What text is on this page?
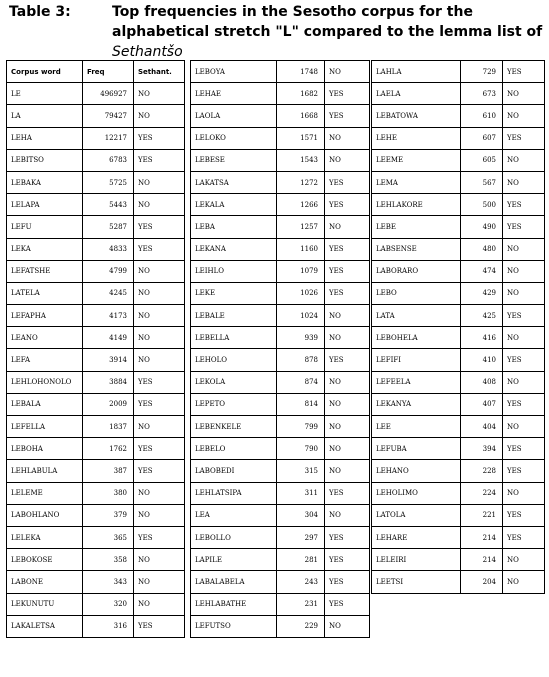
Table 3:	Top frequencies in the Sesotho corpus for the alphabetical stretch "L" compared to the lemma list of Sethantšo
Corpus word	Freq	Sethant.
LE	496927	NO
LA	79427	NO
LEHA	12217	YES
LEBITSO	6783	YES
LEBAKA	5725	NO
LELAPA	5443	NO
LEFU	5287	YES
LEKA	4833	YES
LEFATSHE	4799	NO
LATELA	4245	NO
LEFAPHA	4173	NO
LEANO	4149	NO
LEFA	3914	NO
LEHLOHONOLO	3884	YES
LEBALA	2009	YES
LEFELLA	1837	NO
LEBOHA	1762	YES
LEHLABULA	387	YES
LELEME	380	NO
LABOHLANO	379	NO
LELEKA	365	YES
LEBOKOSE	358	NO
LABONE	343	NO
LEKUNUTU	320	NO
LAKALETSA	316	YES
LEBOYA	1748	NO
LEHAE	1682	YES
LAOLA	1668	YES
LELOKO	1571	NO
LEBESE	1543	NO
LAKATSA	1272	YES
LEKALA	1266	YES
LEBA	1257	NO
LEKANA	1160	YES
LEIHLO	1079	YES
LEKE	1026	YES
LEBALE	1024	NO
LEBELLA	939	NO
LEHOLO	878	YES
LEKOLA	874	NO
LEPETO	814	NO
LEBENKELE	799	NO
LEBELO	790	NO
LABOBEDI	315	NO
LEHLATSIPA	311	YES
LEA	304	NO
LEBOLLO	297	YES
LAPILE	281	YES
LABALABELA	243	YES
LEHLABATHE	231	YES
LEFUTSO	229	NO
LAHLA	729	YES
LAELA	673	NO
LEBATOWA	610	NO
LEHE	607	YES
LEEME	605	NO
LEMA	567	NO
LEHLAKORE	500	YES
LEBE	490	YES
LABSENSE	480	NO
LABORARO	474	NO
LEBO	429	NO
LATA	425	YES
LEBOHELA	416	NO
LEFIFI	410	YES
LEFEELA	408	NO
LEKANYA	407	YES
LEE	404	NO
LEFUBA	394	YES
LEHANO	228	YES
LEHOLIMO	224	NO
LATOLA	221	YES
LEHARE	214	YES
LELEIRI	214	NO
LEETSI	204	NO
